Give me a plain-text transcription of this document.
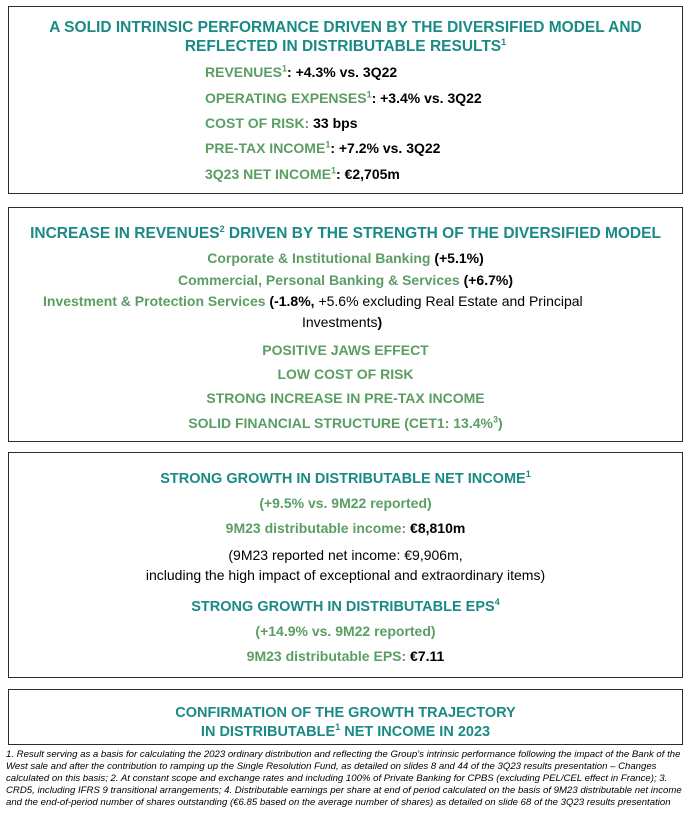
A SOLID INTRINSIC PERFORMANCE DRIVEN BY THE DIVERSIFIED MODEL AND
REFLECTED IN DISTRIBUTABLE RESULTS$^1$
$REVENUES^1$: +4.3% vs. 3Q22
OPERATING $EXPENSES^1$: +3.4% vs. 3Q22
COST OF RISK: 33 bps
PRE-TAX $INCOME^1$: +7.2% vs. 3Q22
3Q23 NET INCOME$^1$: €2,705m
INCREASE IN REVENUES$^2$ DRIVEN BY THE STRENGTH OF THE DIVERSIFIED MODEL
Corporate & Institutional Banking (+5.1%)
Commercial, Personal Banking & Services (+6.7%)
Investment & Protection Services (-1.8%, +5.6% excluding Real Estate and Principal
Investments)
POSITIVE JAWS EFFECT
LOW COST OF RISK
STRONG INCREASE IN PRE-TAX INCOME
SOLID FINANCIAL STRUCTURE (CET1: 13.4%$^3$)
STRONG GROWTH IN DISTRIBUTABLE NET INCOME$^1$
(+9.5% vs. 9M22 reported)
9M23 distributable income: €8,810m
(9M23 reported net income: €9,906m,
including the high impact of exceptional and extraordinary items)
STRONG GROWTH IN DISTRIBUTABLE EPS$^4$
(+14.9% vs. 9M22 reported)
9M23 distributable EPS: €7.11
CONFIRMATION OF THE GROWTH TRAJECTORY
IN DISTRIBUTABLE$^1$ NET INCOME IN 2023
1. Result serving as a basis for calculating the 2023 ordinary distribution and reflecting the Group’s intrinsic performance following the impact of the Bank of the West sale and after the contribution to ramping up the Single Resolution Fund, as detailed on slides 8 and 44 of the 3Q23 results presentation – Changes calculated on this basis; 2. At constant scope and exchange rates and including 100% of Private Banking for CPBS (excluding PEL/CEL effect in France); 3. CRD5, including IFRS 9 transitional arrangements; 4. Distributable earnings per share at end of period calculated on the basis of 9M23 distributable net income and the end-of-period number of shares outstanding (€6.85 based on the average number of shares) as detailed on slide 68 of the 3Q23 results presentation
